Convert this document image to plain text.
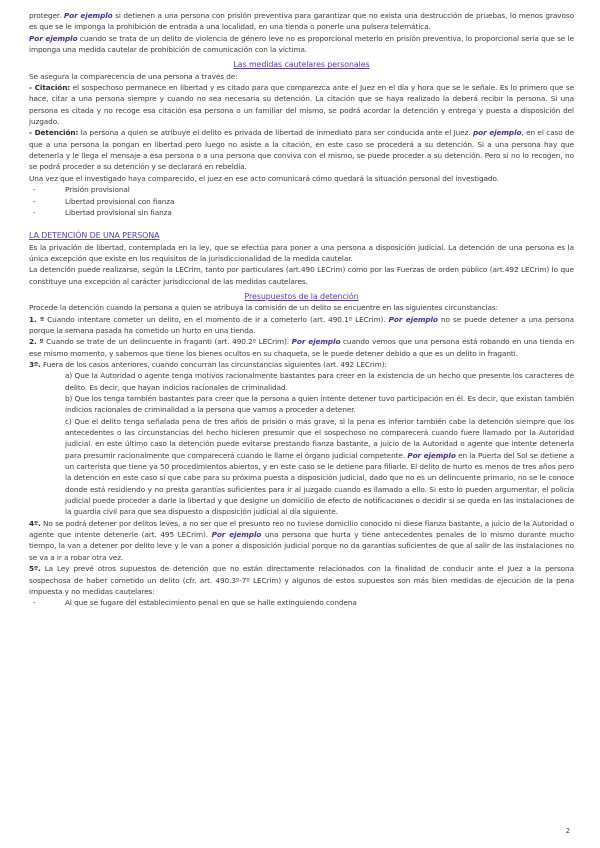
proteger. Por ejemplo si detienen a una persona con prisión preventiva para garantizar que no exista una destrucción de pruebas, lo menos gravoso es que se le imponga la prohibición de entrada a una localidad, en una tienda o ponerle una pulsera telemática.

Por ejemplo cuando se trata de un delito de violencia de género leve no es proporcional meterlo en prisión preventiva, lo proporcional sería que se le imponga una medida cautelar de prohibición de comunicación con la víctima.

Las medidas cautelares personales

Se asegura la comparecencia de una persona a través de:

- Citación: el sospechoso permanece en libertad y es citado para que comparezca ante el Juez en el día y hora que se le señale. Es lo primero que se hace, citar a una persona siempre y cuando no sea necesaria su detención. La citación que se haya realizado la deberá recibir la persona. Si una persona es citada y no recoge esa citación esa persona o un familiar del mismo, se podrá acordar la detención y entrega y puesta a disposición del juzgado.

- Detención: la persona a quien se atribuye el delito es privada de libertad de inmediato para ser conducida ante el Juez. por ejemplo, en el caso de que a una persona la pongan en libertad pero luego no asiste a la citación, en este caso se procederá a su detención. Si a una persona hay que detenerla y le llega el mensaje a esa persona o a una persona que conviva con el mismo, se puede proceder a su detención. Pero si no lo recogen, no se podrá proceder a su detención y se declarará en rebeldía.

Una vez que el investigado haya comparecido, el juez en ese acto comunicará cómo quedará la situación personal del investigado.

- Prisión provisional
- Libertad provisional con fianza
- Libertad provisional sin fianza

LA DETENCIÓN DE UNA PERSONA

Es la privación de libertad, contemplada en la ley, que se efectúa para poner a una persona a disposición judicial. La detención de una persona es la única excepción que existe en los requisitos de la jurisdiccionalidad de la medida cautelar.

La detención puede realizarse, según la LECrim, tanto por particulares (art.490 LECrim) como por las Fuerzas de orden público (art.492 LECrim) lo que constituye una excepción al carácter jurisdiccional de las medidas cautelares.

Presupuestos de la detención

Procede la detención cuando la persona a quien se atribuya la comisión de un delito se encuentre en las siguientes circunstancias:

1. º Cuando intentare cometer un delito, en el momento de ir a cometerlo (art. 490.1º LECrim). Por ejemplo no se puede detener a una persona porque la semana pasada ha cometido un hurto en una tienda.

2. º Cuando se trate de un delincuente in fraganti (art. 490.2º LECrim). Por ejemplo cuando vemos que una persona está robando en una tienda en ese mismo momento, y sabemos que tiene los bienes ocultos en su chaqueta, se le puede detener debido a que es un delito in fraganti.

3º. Fuera de los casos anteriores, cuando concurran las circunstancias siguientes (art. 492 LECrim):

a) Que la Autoridad o agente tenga motivos racionalmente bastantes para creer en la existencia de un hecho que presente los caracteres de delito. Es decir, que hayan indicios racionales de criminalidad.

b) Que los tenga también bastantes para creer que la persona a quien intente detener tuvo participación en él. Es decir, que existan también indicios racionales de criminalidad a la persona que vamos a proceder a detener.

c) Que el delito tenga señalada pena de tres años de prisión o más grave, si la pena es inferior también cabe la detención siempre que los antecedentes o las circunstancias del hecho hicieren presumir que el sospechoso no comparecerá cuando fuere llamado por la Autoridad judicial. en este último caso la detención puede evitarse prestando fianza bastante, a juicio de la Autoridad o agente que intente detenerla para presumir racionalmente que comparecerá cuando le llame el órgano judicial competente. Por ejemplo en la Puerta del Sol se detiene a un carterista que tiene ya 50 procedimientos abiertos, y en este caso se le detiene para filiarle. El delito de hurto es menos de tres años pero la detención en este caso sí que cabe para su próxima puesta a disposición judicial, dado que no es un delincuente primario, no se le conoce donde está residiendo y no presta garantías suficientes para ir al juzgado cuando es llamado a ello. Si esto lo pueden argumentar, el policía judicial puede proceder a darle la libertad y que designe un domicilio de efecto de notificaciones o decidir si se queda en las instalaciones de la guardia civil para que sea dispuesto a disposición judicial al día siguiente.

4º. No se podrá detener por delitos leves, a no ser que el presunto reo no tuviese domicilio conocido ni diese fianza bastante, a juicio de la Autoridad o agente que intente detenerle (art. 495 LECrim). Por ejemplo una persona que hurta y tiene antecedentes penales de lo mismo durante mucho tiempo, la van a detener por delito leve y le van a poner a disposición judicial porque no da garantías suficientes de que al salir de las instalaciones no se va a ir a robar otra vez.

5º. La Ley prevé otros supuestos de detención que no están directamente relacionados con la finalidad de conducir ante el Juez a la persona sospechosa de haber cometido un delito (cfr. art. 490.3º-7º LECrim) y algunos de estos supuestos son más bien medidas de ejecución de la pena impuesta y no medidas cautelares:

- Al que se fugare del establecimiento penal en que se halle extinguiendo condena
2
